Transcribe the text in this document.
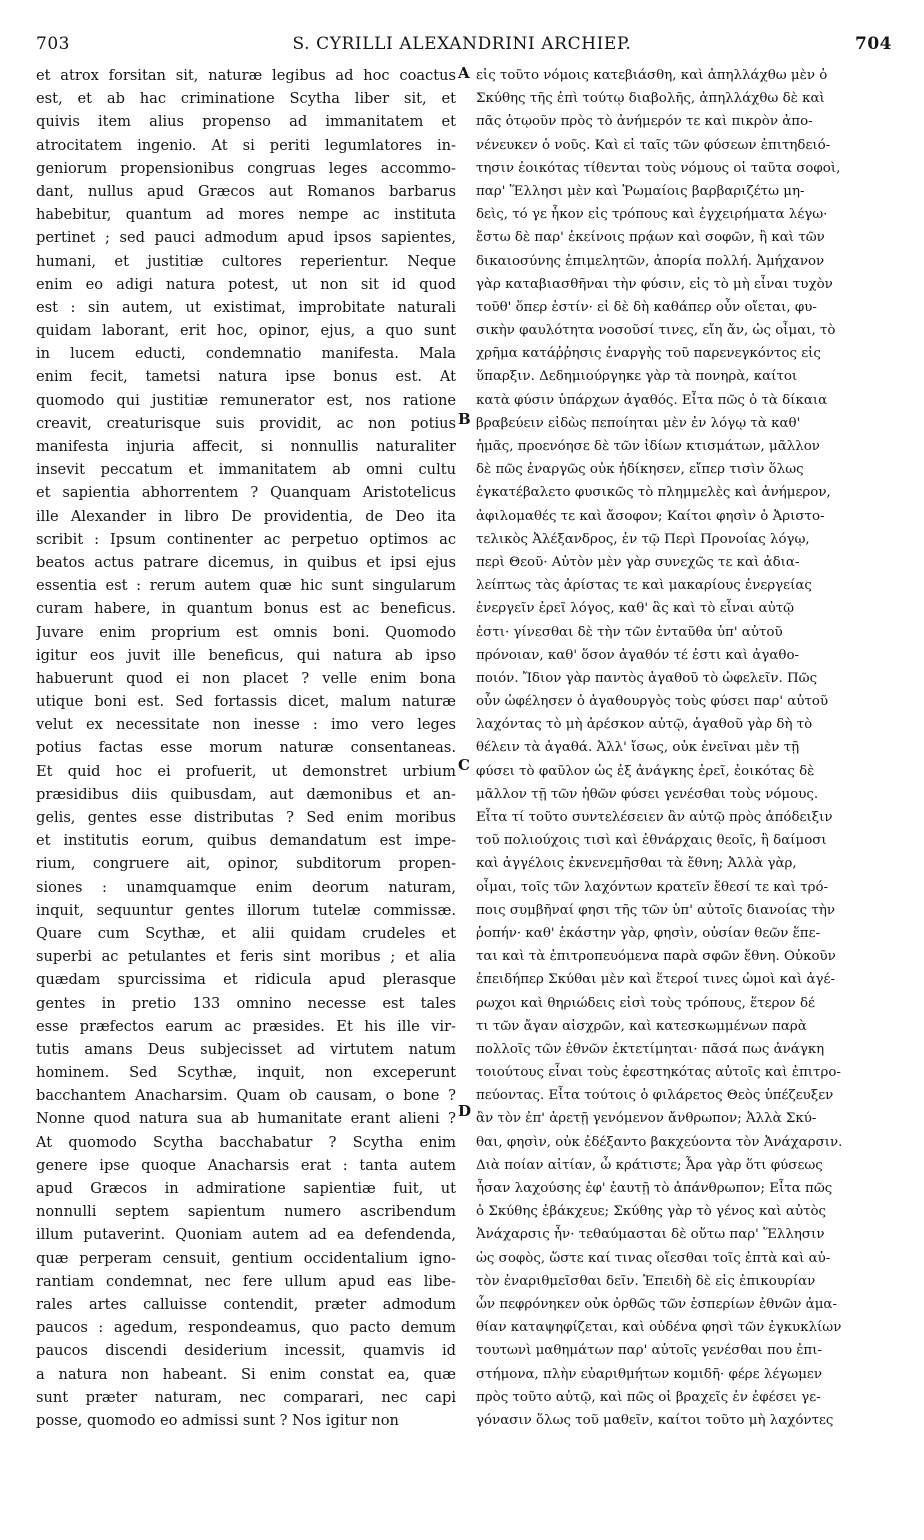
703	S. CYRILLI ALEXANDRINI ARCHIEP.	704
et atrox forsitan sit, naturæ legibus ad hoc coactus
est, et ab hac criminatione Scytha liber sit, et
quivis item alius propenso ad immanitatem et
atrocitatem ingenio. At si periti legumlatores in-
geniorum propensionibus congruas leges accommo-
dant, nullus apud Græcos aut Romanos barbarus
habebitur, quantum ad mores nempe ac instituta
pertinet ; sed pauci admodum apud ipsos sapientes,
humani, et justitiæ cultores reperientur. Neque
enim eo adigi natura potest, ut non sit id quod
est : sin autem, ut existimat, improbitate naturali
quidam laborant, erit hoc, opinor, ejus, a quo sunt
in lucem educti, condemnatio manifesta. Mala
enim fecit, tametsi natura ipse bonus est. At
quomodo qui justitiæ remunerator est, nos ratione
creavit, creaturisque suis providit, ac non potius
manifesta injuria affecit, si nonnullis naturaliter
insevit peccatum et immanitatem ab omni cultu
et sapientia abhorrentem ? Quanquam Aristotelicus
ille Alexander in libro De providentia, de Deo ita
scribit : Ipsum continenter ac perpetuo optimos ac
beatos actus patrare dicemus, in quibus et ipsi ejus
essentia est : rerum autem quæ hic sunt singularum
curam habere, in quantum bonus est ac beneficus.
Juvare enim proprium est omnis boni. Quomodo
igitur eos juvit ille beneficus, qui natura ab ipso
habuerunt quod ei non placet ? velle enim bona
utique boni est. Sed fortassis dicet, malum naturæ
velut ex necessitate non inesse : imo vero leges
potius factas esse morum naturæ consentaneas.
Et quid hoc ei profuerit, ut demonstret urbium
præsidibus diis quibusdam, aut dæmonibus et an-
gelis, gentes esse distributas ? Sed enim moribus
et institutis eorum, quibus demandatum est impe-
rium, congruere ait, opinor, subditorum propen-
siones : unamquamque enim deorum naturam,
inquit, sequuntur gentes illorum tutelæ commissæ.
Quare cum Scythæ, et alii quidam crudeles et
superbi ac petulantes et feris sint moribus ; et alia
quædam spurcissima et ridicula apud plerasque
gentes in pretio 133 omnino necesse est tales
esse præfectos earum ac præsides. Et his ille vir-
tutis amans Deus subjecisset ad virtutem natum
hominem. Sed Scythæ, inquit, non exceperunt
bacchantem Anacharsim. Quam ob causam, o bone ?
Nonne quod natura sua ab humanitate erant alieni ?
At quomodo Scytha bacchabatur ? Scytha enim
genere ipse quoque Anacharsis erat : tanta autem
apud Græcos in admiratione sapientiæ fuit, ut
nonnulli septem sapientum numero ascribendum
illum putaverint. Quoniam autem ad ea defendenda,
quæ perperam censuit, gentium occidentalium igno-
rantiam condemnat, nec fere ullum apud eas libe-
rales artes calluisse contendit, præter admodum
paucos : agedum, respondeamus, quo pacto demum
paucos discendi desiderium incessit, quamvis id
a natura non habeant. Si enim constat ea, quæ
sunt præter naturam, nec comparari, nec capi
posse, quomodo eo admissi sunt ? Nos igitur non
εἰς τοῦτο νόμοις κατεβιάσθη, καὶ ἀπηλλάχθω μὲν ὁ
Σκύθης τῆς ἐπὶ τούτῳ διαβολῆς, ἀπηλλάχθω δὲ καὶ
πᾶς ὁτῳοῦν πρὸς τὸ ἀνήμερόν τε καὶ πικρὸν ἀπο-
νένευκεν ὁ νοῦς. Καὶ εἰ ταῖς τῶν φύσεων ἐπιτηδειό-
τησιν ἐοικότας τίθενται τοὺς νόμους οἱ ταῦτα σοφοὶ,
παρ' Ἕλλησι μὲν καὶ Ῥωμαίοις βαρβαριζέτω μη-
δεὶς, τό γε ἧκον εἰς τρόπους καὶ ἐγχειρήματα λέγω·
ἔστω δὲ παρ' ἐκείνοις πρᾴων καὶ σοφῶν, ἢ καὶ τῶν
δικαιοσύνης ἐπιμελητῶν, ἀπορία πολλή. Ἀμήχανον
γὰρ καταβιασθῆναι τὴν φύσιν, εἰς τὸ μὴ εἶναι τυχὸν
τοῦθ' ὅπερ ἐστίν· εἰ δὲ δὴ καθάπερ οὖν οἴεται, φυ-
σικὴν φαυλότητα νοσοῦσί τινες, εἴη ἄν, ὡς οἶμαι, τὸ
χρῆμα κατάῤῥησις ἐναργὴς τοῦ παρενεγκόντος εἰς
ὕπαρξιν. Δεδημιούργηκε γὰρ τὰ πονηρὰ, καίτοι
κατὰ φύσιν ὑπάρχων ἀγαθός. Εἶτα πῶς ὁ τὰ δίκαια
βραβεύειν εἰδὼς πεποίηται μὲν ἐν λόγῳ τὰ καθ'
ἡμᾶς, προενόησε δὲ τῶν ἰδίων κτισμάτων, μᾶλλον
δὲ πῶς ἐναργῶς οὐκ ἠδίκησεν, εἴπερ τισὶν ὅλως
ἐγκατέβαλετο φυσικῶς τὸ πλημμελὲς καὶ ἀνήμερον,
ἀφιλομαθές τε καὶ ἄσοφον; Καίτοι φησὶν ὁ Ἀριστο-
τελικὸς Ἀλέξανδρος, ἐν τῷ Περὶ Προνοίας λόγῳ,
περὶ Θεοῦ· Αὐτὸν μὲν γὰρ συνεχῶς τε καὶ ἀδια-
λείπτως τὰς ἀρίστας τε καὶ μακαρίους ἐνεργείας
ἐνεργεῖν ἐρεῖ λόγος, καθ' ἃς καὶ τὸ εἶναι αὐτῷ
ἐστι· γίνεσθαι δὲ τὴν τῶν ἐνταῦθα ὑπ' αὐτοῦ
πρόνοιαν, καθ' ὅσον ἀγαθόν τέ ἐστι καὶ ἀγαθο-
ποιόν. Ἴδιον γὰρ παντὸς ἀγαθοῦ τὸ ὠφελεῖν. Πῶς
οὖν ὠφέλησεν ὁ ἀγαθουργὸς τοὺς φύσει παρ' αὐτοῦ
λαχόντας τὸ μὴ ἀρέσκον αὐτῷ, ἀγαθοῦ γὰρ δὴ τὸ
θέλειν τὰ ἀγαθά. Ἀλλ' ἴσως, οὐκ ἐνεῖναι μὲν τῇ
φύσει τὸ φαῦλον ὡς ἐξ ἀνάγκης ἐρεῖ, ἐοικότας δὲ
μᾶλλον τῇ τῶν ἠθῶν φύσει γενέσθαι τοὺς νόμους.
Εἶτα τί τοῦτο συντελέσειεν ἂν αὐτῷ πρὸς ἀπόδειξιν
τοῦ πολιούχοις τισὶ καὶ ἐθνάρχαις θεοῖς, ἢ δαίμοσι
καὶ ἀγγέλοις ἐκνενεμῆσθαι τὰ ἔθνη; Ἀλλὰ γὰρ,
οἶμαι, τοῖς τῶν λαχόντων κρατεῖν ἔθεσί τε καὶ τρό-
ποις συμβῆναί φησι τῆς τῶν ὑπ' αὐτοῖς διανοίας τὴν
ῥοπήν· καθ' ἑκάστην γὰρ, φησὶν, οὐσίαν θεῶν ἕπε-
ται καὶ τὰ ἐπιτροπευόμενα παρὰ σφῶν ἔθνη. Οὐκοῦν
ἐπειδήπερ Σκύθαι μὲν καὶ ἕτεροί τινες ὠμοὶ καὶ ἀγέ-
ρωχοι καὶ θηριώδεις εἰσὶ τοὺς τρόπους, ἕτερον δέ
τι τῶν ἄγαν αἰσχρῶν, καὶ κατεσκωμμένων παρὰ
πολλοῖς τῶν ἐθνῶν ἐκτετίμηται· πᾶσά πως ἀνάγκη
τοιούτους εἶναι τοὺς ἐφεστηκότας αὐτοῖς καὶ ἐπιτρο-
πεύοντας. Εἶτα τούτοις ὁ φιλάρετος Θεὸς ὑπέζευξεν
ἂν τὸν ἐπ' ἀρετῇ γενόμενον ἄνθρωπον; Ἀλλὰ Σκύ-
θαι, φησὶν, οὐκ ἐδέξαντο βακχεύοντα τὸν Ἀνάχαρσιν.
Διὰ ποίαν αἰτίαν, ὦ κράτιστε; Ἆρα γὰρ ὅτι φύσεως
ἦσαν λαχούσης ἐφ' ἑαυτῇ τὸ ἀπάνθρωπον; Εἶτα πῶς
ὁ Σκύθης ἐβάκχευε; Σκύθης γὰρ τὸ γένος καὶ αὐτὸς
Ἀνάχαρσις ἦν· τεθαύμασται δὲ οὕτω παρ' Ἕλλησιν
ὡς σοφὸς, ὥστε καί τινας οἴεσθαι τοῖς ἑπτὰ καὶ αὐ-
τὸν ἐναριθμεῖσθαι δεῖν. Ἐπειδὴ δὲ εἰς ἐπικουρίαν
ὧν πεφρόνηκεν οὐκ ὀρθῶς τῶν ἑσπερίων ἐθνῶν ἀμα-
θίαν καταψηφίζεται, καὶ οὐδένα φησὶ τῶν ἐγκυκλίων
τουτωνὶ μαθημάτων παρ' αὐτοῖς γενέσθαι που ἐπι-
στήμονα, πλὴν εὐαριθμήτων κομιδῆ· φέρε λέγωμεν
πρὸς τοῦτο αὐτῷ, καὶ πῶς οἱ βραχεῖς ἐν ἐφέσει γε-
γόνασιν ὅλως τοῦ μαθεῖν, καίτοι τοῦτο μὴ λαχόντες
A
B
C
D
